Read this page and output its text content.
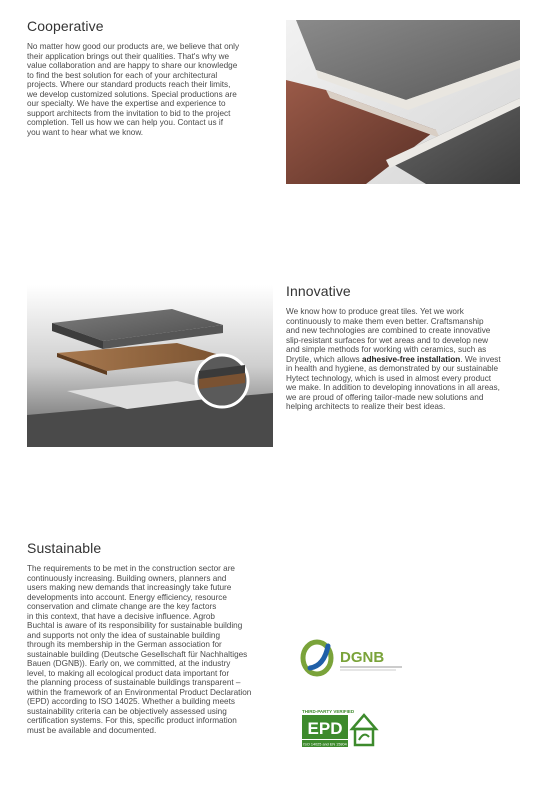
Cooperative

No matter how good our products are, we believe that only
their application brings out their qualities. That's why we
value collaboration and are happy to share our knowledge
to find the best solution for each of your architectural
projects. Where our standard products reach their limits,
we develop customized solutions. Special productions are
our specialty. We have the expertise and experience to
support architects from the invitation to bid to the project
completion. Tell us how we can help you. Contact us if
you want to hear what we know.

Innovative

We know how to produce great tiles. Yet we work
continuously to make them even better. Craftsmanship
and new technologies are combined to create innovative
slip-resistant surfaces for wet areas and to develop new
and simple methods for working with ceramics, such as
Drytile, which allows adhesive-free installation. We invest
in health and hygiene, as demonstrated by our sustainable
Hytect technology, which is used in almost every product
we make. In addition to developing innovations in all areas,
we are proud of offering tailor-made new solutions and
helping architects to realize their best ideas.

Sustainable

The requirements to be met in the construction sector are
continuously increasing. Building owners, planners and
users making new demands that increasingly take future
developments into account. Energy efficiency, resource
conservation and climate change are the key factors
in this context, that have a decisive influence. Agrob
Buchtal is aware of its responsibility for sustainable building
and supports not only the idea of sustainable building
through its membership in the German association for
sustainable building (Deutsche Gesellschaft für Nachhaltiges
Bauen (DGNB)). Early on, we committed, at the industry
level, to making all ecological product data important for
the planning process of sustainable buildings transparent –
within the framework of an Environmental Product Declaration
(EPD) according to ISO 14025. Whether a building meets
sustainability criteria can be objectively assessed using
certification systems. For this, specific product information
must be available and documented.

DGNB
THIRD-PARTY VERIFIED
EPD
ISO 14025 and EN 15804
